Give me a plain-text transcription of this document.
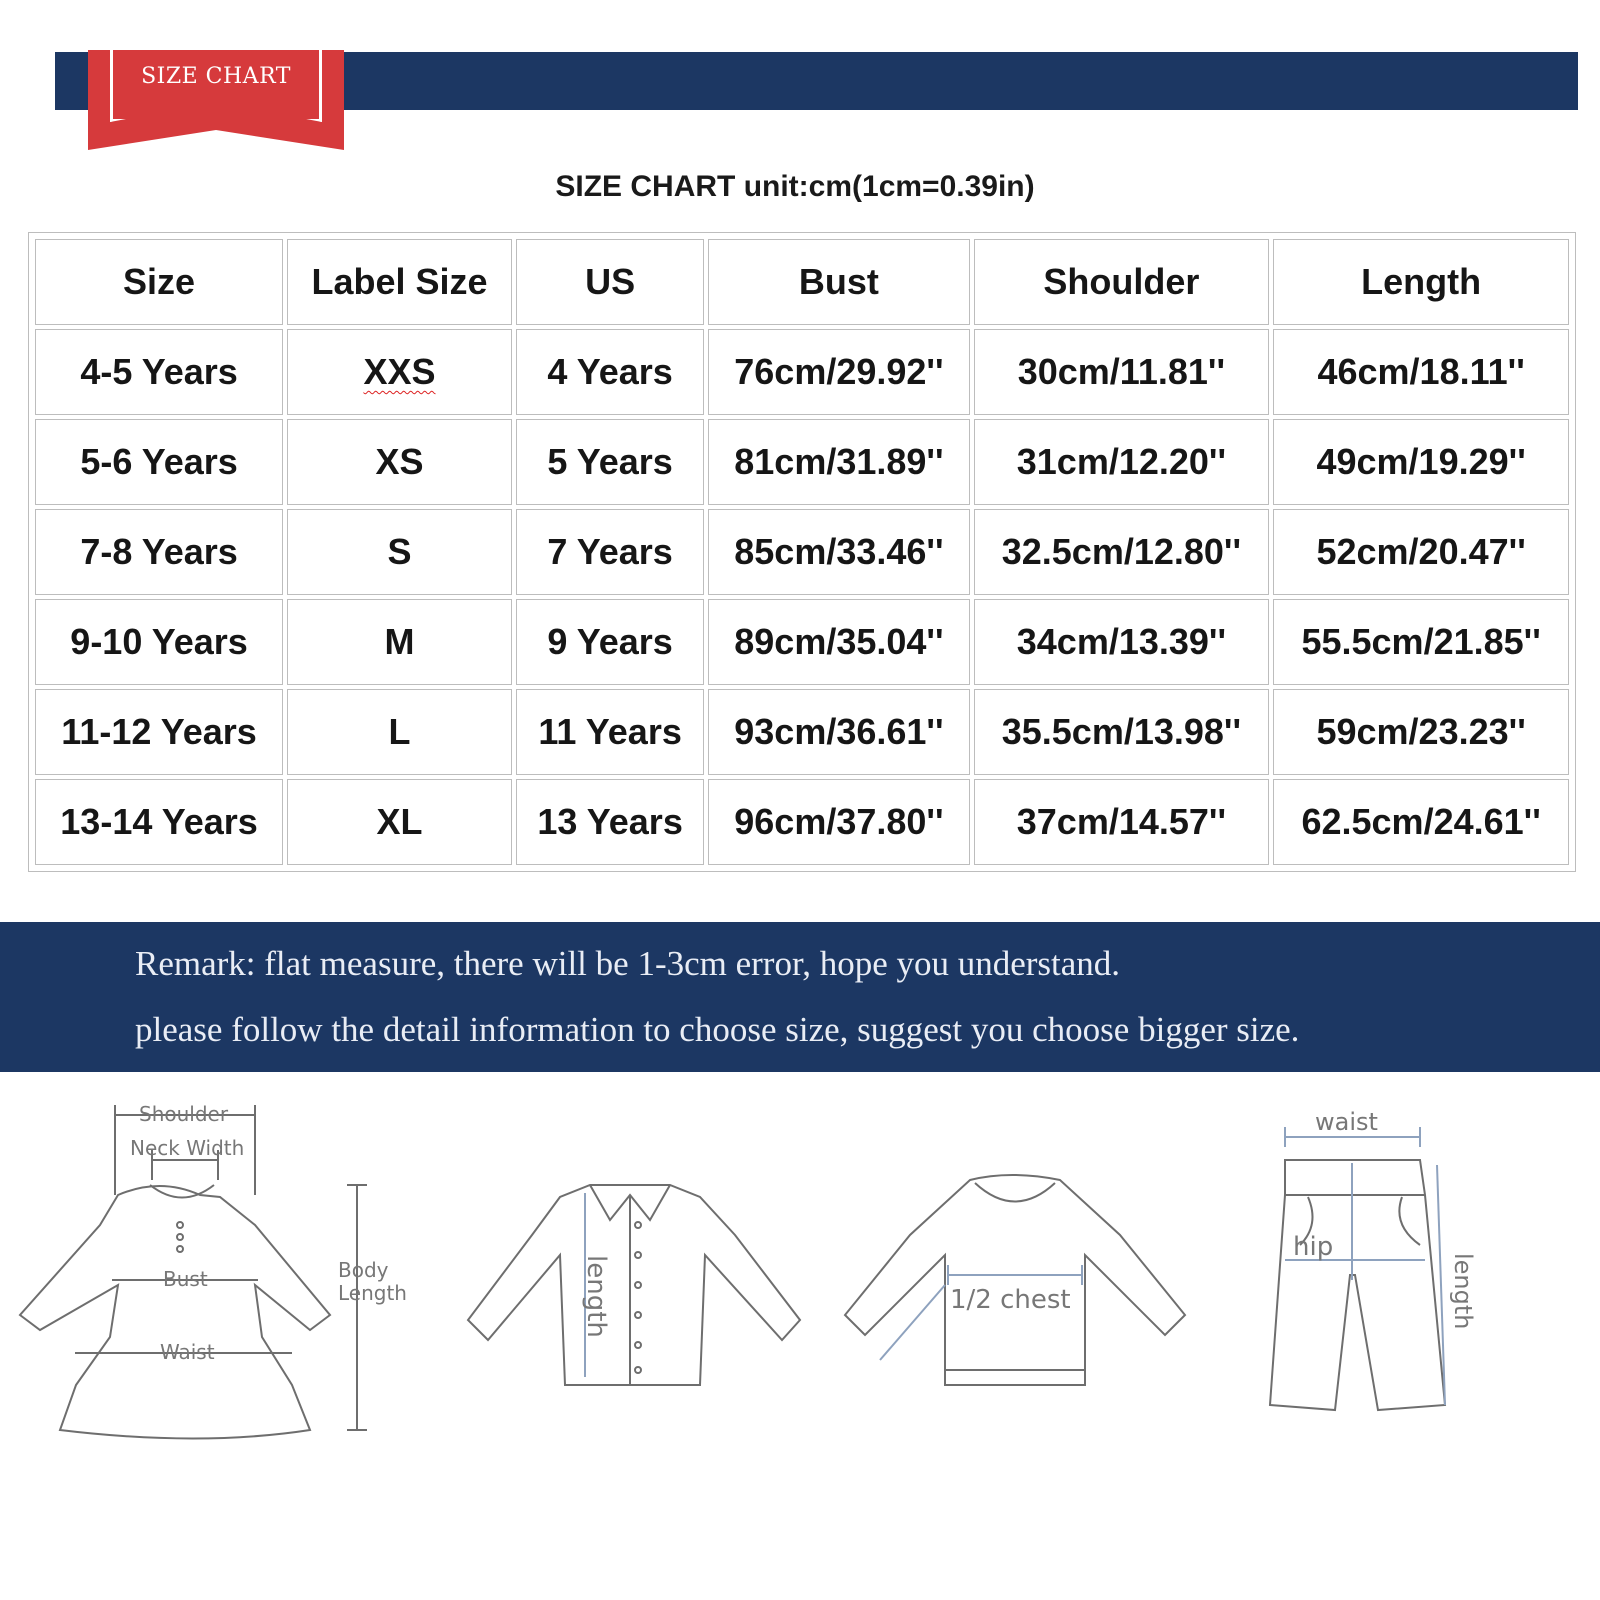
SIZE CHART
SIZE CHART unit:cm(1cm=0.39in)
Size	Label Size	US	Bust	Shoulder	Length
4-5 Years	XXS	4 Years	76cm/29.92''	30cm/11.81''	46cm/18.11''
5-6 Years	XS	5 Years	81cm/31.89''	31cm/12.20''	49cm/19.29''
7-8 Years	S	7 Years	85cm/33.46''	32.5cm/12.80''	52cm/20.47''
9-10 Years	M	9 Years	89cm/35.04''	34cm/13.39''	55.5cm/21.85''
11-12 Years	L	11 Years	93cm/36.61''	35.5cm/13.98''	59cm/23.23''
13-14 Years	XL	13 Years	96cm/37.80''	37cm/14.57''	62.5cm/24.61''
Remark: flat measure, there will be 1-3cm error, hope you understand.
please follow the detail information to choose size, suggest you choose bigger size.
Shoulder
Neck Width
Body
Length
Bust
Waist
length	1/2 chest
waist
hip
length
